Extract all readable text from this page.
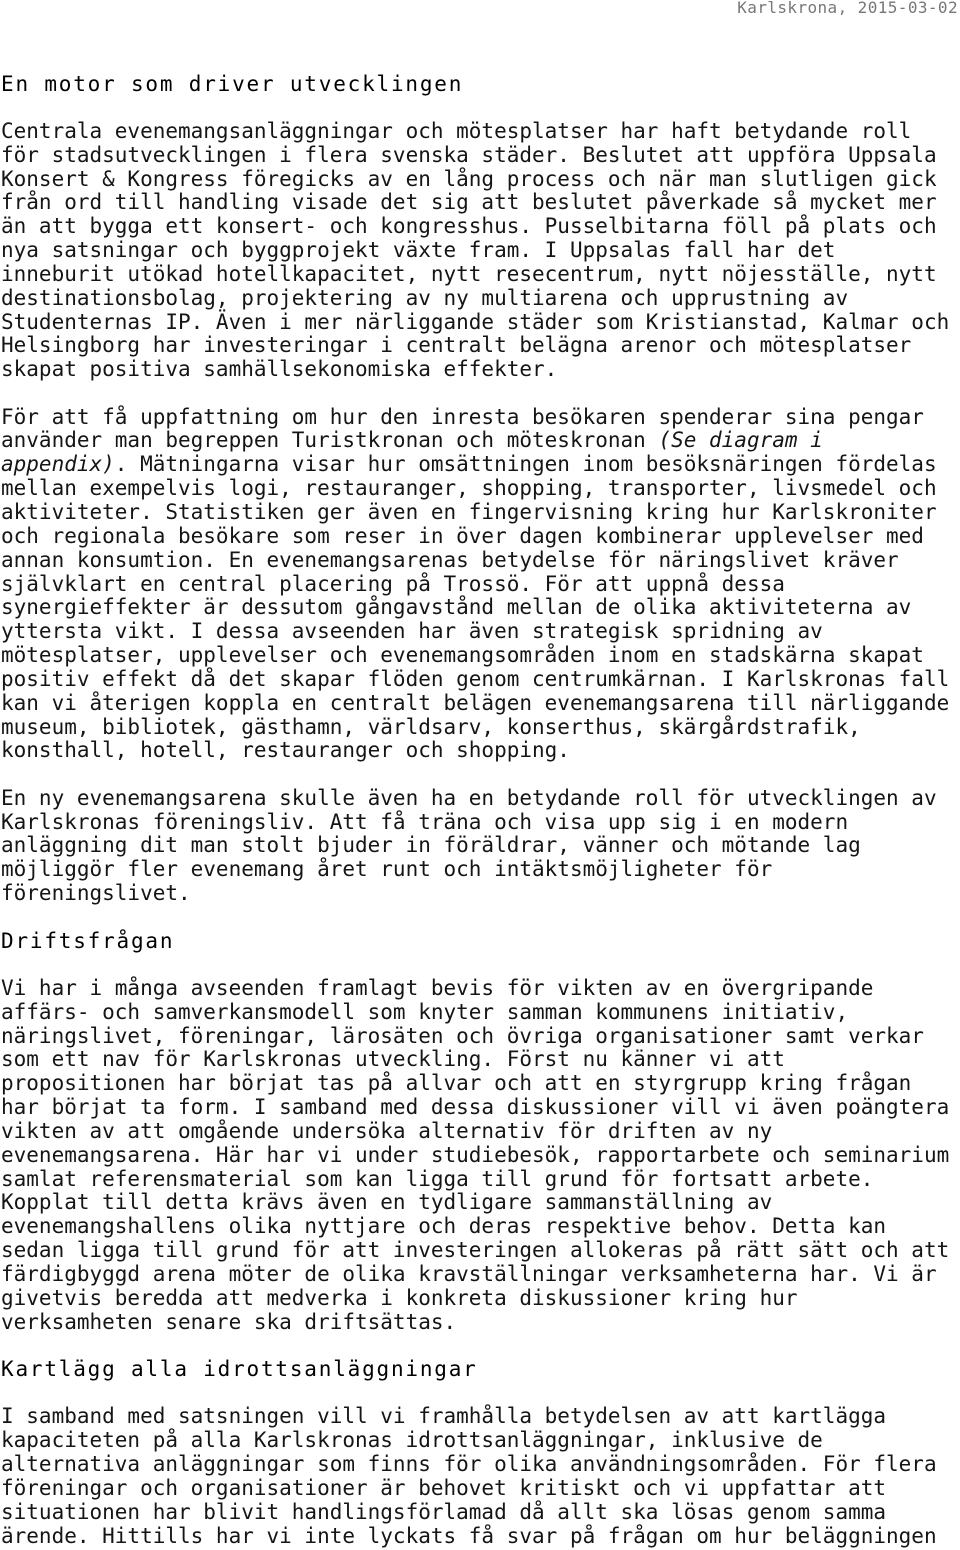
Karlskrona, 2015-03-02
En motor som driver utvecklingen
Centrala evenemangsanläggningar och mötesplatser har haft betydande roll
för stadsutvecklingen i flera svenska städer. Beslutet att uppföra Uppsala
Konsert & Kongress föregicks av en lång process och när man slutligen gick
från ord till handling visade det sig att beslutet påverkade så mycket mer
än att bygga ett konsert- och kongresshus. Pusselbitarna föll på plats och
nya satsningar och byggprojekt växte fram. I Uppsalas fall har det
inneburit utökad hotellkapacitet, nytt resecentrum, nytt nöjesställe, nytt
destinationsbolag, projektering av ny multiarena och upprustning av
Studenternas IP. Även i mer närliggande städer som Kristianstad, Kalmar och
Helsingborg har investeringar i centralt belägna arenor och mötesplatser
skapat positiva samhällsekonomiska effekter.
För att få uppfattning om hur den inresta besökaren spenderar sina pengar
använder man begreppen Turistkronan och möteskronan (Se diagram i
appendix). Mätningarna visar hur omsättningen inom besöksnäringen fördelas
mellan exempelvis logi, restauranger, shopping, transporter, livsmedel och
aktiviteter. Statistiken ger även en fingervisning kring hur Karlskroniter
och regionala besökare som reser in över dagen kombinerar upplevelser med
annan konsumtion. En evenemangsarenas betydelse för näringslivet kräver
självklart en central placering på Trossö. För att uppnå dessa
synergieffekter är dessutom gångavstånd mellan de olika aktiviteterna av
yttersta vikt. I dessa avseenden har även strategisk spridning av
mötesplatser, upplevelser och evenemangsområden inom en stadskärna skapat
positiv effekt då det skapar flöden genom centrumkärnan. I Karlskronas fall
kan vi återigen koppla en centralt belägen evenemangsarena till närliggande
museum, bibliotek, gästhamn, världsarv, konserthus, skärgårdstrafik,
konsthall, hotell, restauranger och shopping.
En ny evenemangsarena skulle även ha en betydande roll för utvecklingen av
Karlskronas föreningsliv. Att få träna och visa upp sig i en modern
anläggning dit man stolt bjuder in föräldrar, vänner och mötande lag
möjliggör fler evenemang året runt och intäktsmöjligheter för
föreningslivet.
Driftsfrågan
Vi har i många avseenden framlagt bevis för vikten av en övergripande
affärs- och samverkansmodell som knyter samman kommunens initiativ,
näringslivet, föreningar, lärosäten och övriga organisationer samt verkar
som ett nav för Karlskronas utveckling. Först nu känner vi att
propositionen har börjat tas på allvar och att en styrgrupp kring frågan
har börjat ta form. I samband med dessa diskussioner vill vi även poängtera
vikten av att omgående undersöka alternativ för driften av ny
evenemangsarena. Här har vi under studiebesök, rapportarbete och seminarium
samlat referensmaterial som kan ligga till grund för fortsatt arbete.
Kopplat till detta krävs även en tydligare sammanställning av
evenemangshallens olika nyttjare och deras respektive behov. Detta kan
sedan ligga till grund för att investeringen allokeras på rätt sätt och att
färdigbyggd arena möter de olika kravställningar verksamheterna har. Vi är
givetvis beredda att medverka i konkreta diskussioner kring hur
verksamheten senare ska driftsättas.
Kartlägg alla idrottsanläggningar
I samband med satsningen vill vi framhålla betydelsen av att kartlägga
kapaciteten på alla Karlskronas idrottsanläggningar, inklusive de
alternativa anläggningar som finns för olika användningsområden. För flera
föreningar och organisationer är behovet kritiskt och vi uppfattar att
situationen har blivit handlingsförlamad då allt ska lösas genom samma
ärende. Hittills har vi inte lyckats få svar på frågan om hur beläggningen
